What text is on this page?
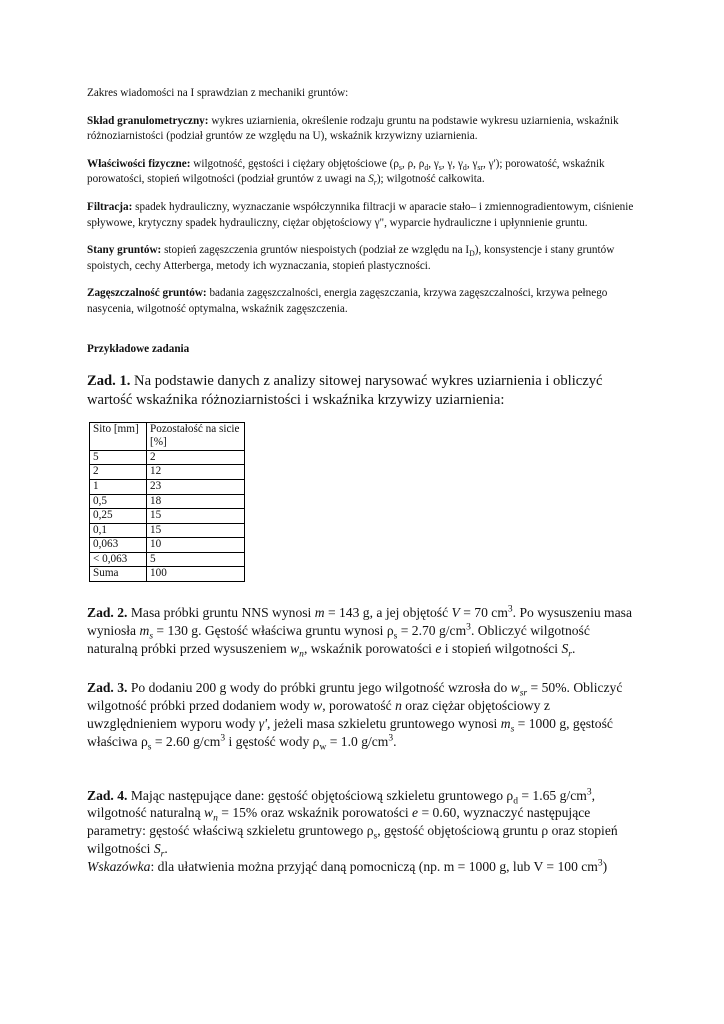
Zakres wiadomości na I sprawdzian z mechaniki gruntów:

Skład granulometryczny: wykres uziarnienia, określenie rodzaju gruntu na podstawie wykresu uziarnienia, wskaźnik różnoziarnistości (podział gruntów ze względu na U), wskaźnik krzywizny uziarnienia.

Właściwości fizyczne: wilgotność, gęstości i ciężary objętościowe ($\rho_s$, ρ, $\rho_d$, $\gamma_s$, γ, $\gamma_d$, $\gamma_{sr}$, γ'); porowatość, wskaźnik porowatości, stopień wilgotności (podział gruntów z uwagi na $S_r$); wilgotność całkowita.

Filtracja: spadek hydrauliczny, wyznaczanie współczynnika filtracji w aparacie stało– i zmiennogradientowym, ciśnienie spływowe, krytyczny spadek hydrauliczny, ciężar objętościowy γ", wyparcie hydrauliczne i upłynnienie gruntu.

Stany gruntów: stopień zagęszczenia gruntów niespoistych (podział ze względu na $I_D$), konsystencje i stany gruntów spoistych, cechy Atterberga, metody ich wyznaczania, stopień plastyczności.

Zagęszczalność gruntów: badania zagęszczalności, energia zagęszczania, krzywa zagęszczalności, krzywa pełnego nasycenia, wilgotność optymalna, wskaźnik zagęszczenia.

Przykładowe zadania

Zad. 1. Na podstawie danych z analizy sitowej narysować wykres uziarnienia i obliczyć wartość wskaźnika różnoziarnistości i wskaźnika krzywizy uziarnienia:

Sito [mm]	Pozostałość na sicie [%]
5	2
2	12
1	23
0,5	18
0,25	15
0,1	15
0,063	10
< 0,063	5
Suma	100

Zad. 2. Masa próbki gruntu NNS wynosi m = 143 g, a jej objętość V = 70 $cm^3$. Po wysuszeniu masa wyniosła $m_s = 130$ g. Gęstość właściwa gruntu wynosi $\rho_s = 2.70$ $g/cm^3$. Obliczyć wilgotność naturalną próbki przed wysuszeniem $w_n$, wskaźnik porowatości e i stopień wilgotności $S_r$.

Zad. 3. Po dodaniu 200 g wody do próbki gruntu jego wilgotność wzrosła do $w_{sr} = 50\%$. Obliczyć wilgotność próbki przed dodaniem wody w, porowatość n oraz ciężar objętościowy z uwzględnieniem wyporu wody γ', jeżeli masa szkieletu gruntowego wynosi $m_s = 1000$ g, gęstość właściwa $\rho_s = 2.60$ $g/cm^3$ i gęstość wody $\rho_w = 1.0$ $g/cm^3$.

Zad. 4. Mając następujące dane: gęstość objętościową szkieletu gruntowego $\rho_d = 1.65$ $g/cm^3$, wilgotność naturalną $w_n = 15\%$ oraz wskaźnik porowatości e = 0.60, wyznaczyć następujące parametry: gęstość właściwą szkieletu gruntowego $\rho_s$, gęstość objętościową gruntu ρ oraz stopień wilgotności $S_r$.
Wskazówka: dla ułatwienia można przyjąć daną pomocniczą (np. m = 1000 g, lub V = 100 $cm^3$)
